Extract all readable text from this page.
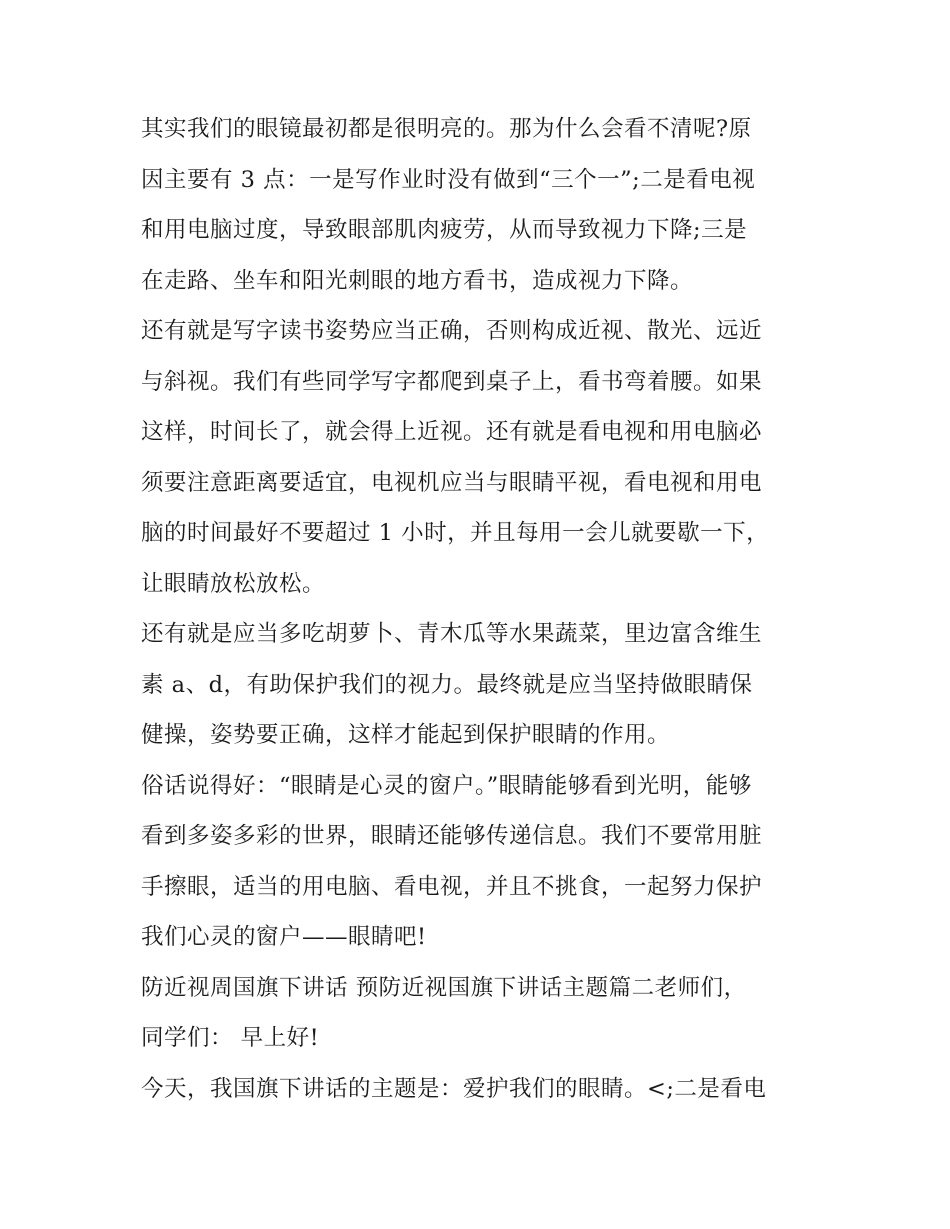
其实我们的眼镜最初都是很明亮的。那为什么会看不清呢?原
因主要有 3 点：一是写作业时没有做到“三个一”;二是看电视
和用电脑过度，导致眼部肌肉疲劳，从而导致视力下降;三是
在走路、坐车和阳光刺眼的地方看书，造成视力下降。
还有就是写字读书姿势应当正确，否则构成近视、散光、远近
与斜视。我们有些同学写字都爬到桌子上，看书弯着腰。如果
这样，时间长了，就会得上近视。还有就是看电视和用电脑必
须要注意距离要适宜，电视机应当与眼睛平视，看电视和用电
脑的时间最好不要超过 1 小时，并且每用一会儿就要歇一下，
让眼睛放松放松。
还有就是应当多吃胡萝卜、青木瓜等水果蔬菜，里边富含维生
素 a、d，有助保护我们的视力。最终就是应当坚持做眼睛保
健操，姿势要正确，这样才能起到保护眼睛的作用。
俗话说得好：“眼睛是心灵的窗户。”眼睛能够看到光明，能够
看到多姿多彩的世界，眼睛还能够传递信息。我们不要常用脏
手擦眼，适当的用电脑、看电视，并且不挑食，一起努力保护
我们心灵的窗户——眼睛吧!
防近视周国旗下讲话 预防近视国旗下讲话主题篇二老师们，
同学们： 早上好!
今天，我国旗下讲话的主题是：爱护我们的眼睛。<;二是看电
